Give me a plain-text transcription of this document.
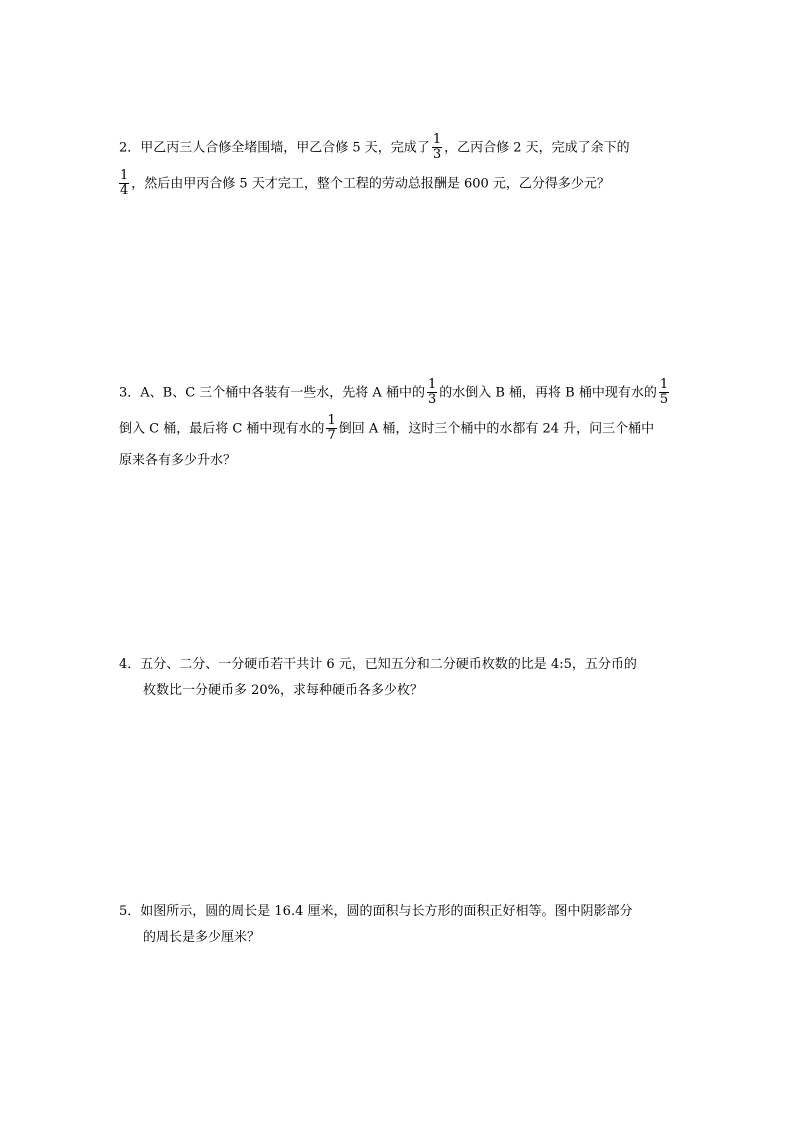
2．甲乙丙三人合修全堵围墙，甲乙合修 5 天，完成了 $\frac{1}{3}$ ，乙丙合修 2 天，完成了余下的
$\frac{1}{4}$ ，然后由甲丙合修 5 天才完工，整个工程的劳动总报酬是 600 元，乙分得多少元？
3．A、B、C 三个桶中各装有一些水，先将 A 桶中的 $\frac{1}{3}$ 的水倒入 B 桶，再将 B 桶中现有水的 $\frac{1}{5}$
倒入 C 桶，最后将 C 桶中现有水的 $\frac{1}{7}$ 倒回 A 桶，这时三个桶中的水都有 24 升，问三个桶中
原来各有多少升水？
4．五分、二分、一分硬币若干共计 6 元，已知五分和二分硬币枚数的比是 4:5，五分币的
枚数比一分硬币多 20%，求每种硬币各多少枚？
5．如图所示，圆的周长是 16.4 厘米，圆的面积与长方形的面积正好相等。图中阴影部分
的周长是多少厘米？
